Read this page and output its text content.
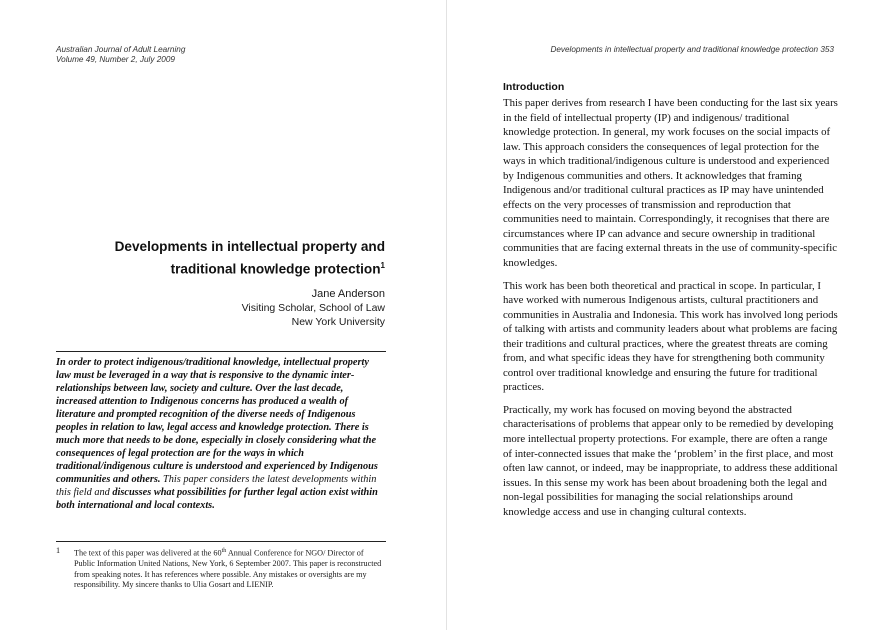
Australian Journal of Adult Learning
Volume 49, Number 2, July 2009
Developments in intellectual property and
traditional knowledge protection$^1$
Jane Anderson
Visiting Scholar, School of Law
New York University

In order to protect indigenous/traditional knowledge, intellectual property law must be leveraged in a way that is responsive to the dynamic inter-relationships between law, society and culture. Over the last decade, increased attention to Indigenous concerns has produced a wealth of literature and prompted recognition of the diverse needs of Indigenous peoples in relation to law, legal access and knowledge protection. There is much more that needs to be done, especially in closely considering what the consequences of legal protection are for the ways in which traditional/indigenous culture is understood and experienced by Indigenous communities and others. This paper considers the latest developments within this field and discusses what possibilities for further legal action exist within both international and local contexts.

1	The text of this paper was delivered at the 60th Annual Conference for NGO/ Director of Public Information United Nations, New York, 6 September 2007. This paper is reconstructed from speaking notes. It has references where possible. Any mistakes or oversights are my responsibility. My sincere thanks to Ulia Gosart and LIENIP.
Developments in intellectual property and traditional knowledge protection 353
Introduction

This paper derives from research I have been conducting for the last six years in the field of intellectual property (IP) and indigenous/ traditional knowledge protection. In general, my work focuses on the social impacts of law. This approach considers the consequences of legal protection for the ways in which traditional/indigenous culture is understood and experienced by Indigenous communities and others. It acknowledges that framing Indigenous and/or traditional cultural practices as IP may have unintended effects on the very processes of transmission and reproduction that communities need to maintain. Correspondingly, it recognises that there are circumstances where IP can advance and secure ownership in traditional communities that are facing external threats in the use of community-specific knowledges.

This work has been both theoretical and practical in scope. In particular, I have worked with numerous Indigenous artists, cultural practitioners and communities in Australia and Indonesia. This work has involved long periods of talking with artists and community leaders about what problems are facing their traditions and cultural practices, where the greatest threats are coming from, and what specific ideas they have for strengthening both community control over traditional knowledge and ensuring the future for traditional practices.

Practically, my work has focused on moving beyond the abstracted characterisations of problems that appear only to be remedied by developing more intellectual property protections. For example, there are often a range of inter-connected issues that make the ‘problem’ in the first place, and most often law cannot, or indeed, may be inappropriate, to address these additional issues. In this sense my work has been about broadening both the legal and non-legal possibilities for managing the social relationships around knowledge access and use in changing cultural contexts.
